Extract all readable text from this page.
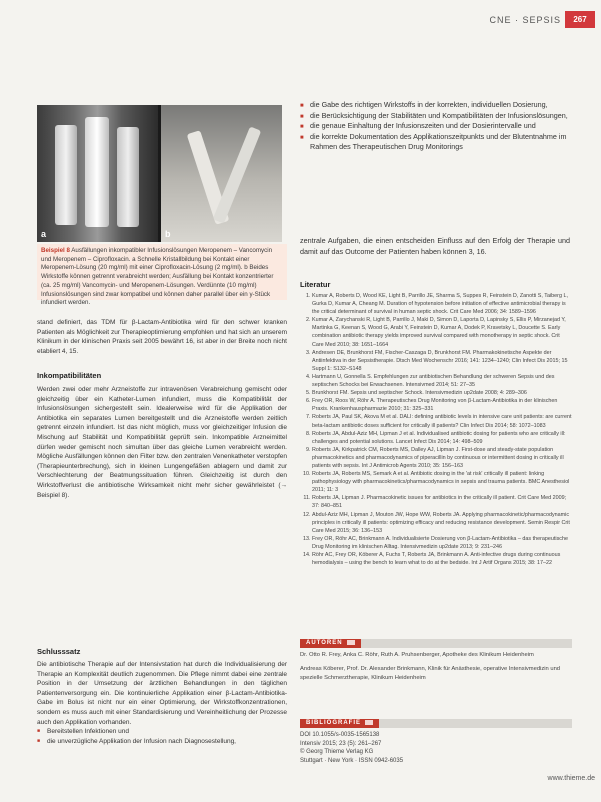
CNE · SEPSIS	267
a	b
Beispiel 8 Ausfällungen inkompatibler Infusionslösungen Meropenem – Vancomycin und Meropenem – Ciprofloxacin. a Schnelle Kristallbildung bei Kontakt einer Meropenem-Lösung (20 mg/ml) mit einer Ciprofloxacin-Lösung (2 mg/ml). b Beides Wirkstoffe können getrennt verabreicht werden; Ausfällung bei Kontakt konzentrierter (ca. 25 mg/ml) Vancomycin- und Meropenem-Lösungen. Verdünnte (10 mg/ml) Infusionslösungen sind zwar kompatibel und können daher parallel über ein y-Stück infundiert werden.
stand definiert, das TDM für β-Lactam-Antibiotika wird für den schwer kranken Patienten als Möglichkeit zur Therapieoptimierung empfohlen und hat sich an unserem Klinikum in der klinischen Praxis seit 2005 bewährt 16, ist aber in der Breite noch nicht etabliert 4, 15.
Inkompatibilitäten
Werden zwei oder mehr Arzneistoffe zur intravenösen Verabreichung gemischt oder gleichzeitig über ein Katheter-Lumen infundiert, muss die Kompatibilität der Infusionslösungen sichergestellt sein. Idealerweise wird für die Applikation der Antibiotika ein separates Lumen bereitgestellt und die Arzneistoffe werden zeitlich getrennt einzeln infundiert. Ist das nicht möglich, muss vor gleichzeitiger Infusion die Mischung auf Stabilität und Kompatibilität geprüft sein. Inkompatible Arzneimittel dürfen weder gemischt noch simultan über das gleiche Lumen verabreicht werden. Mögliche Ausfällungen können den Filter bzw. den zentralen Venenkatheter verstopfen (Therapieunterbrechung), sich in kleinen Lungengefäßen ablagern und damit zur Verschlechterung der Beatmungssituation führen. Gleichzeitig ist durch den Wirkstoffverlust die antibiotische Wirksamkeit nicht mehr sicher gewährleistet (→ Beispiel 8).
Schlusssatz
Die antibiotische Therapie auf der Intensivstation hat durch die Individualisierung der Therapie an Komplexität deutlich zugenommen. Die Pflege nimmt dabei eine zentrale Position in der Umsetzung der ärztlichen Behandlungen in den täglichen Patientenversorgung ein. Die kontinuierliche Applikation einer β-Lactam-Antibiotika-Gabe im Bolus ist nicht nur ein einer Optimierung, der Wirkstoffkonzentrationen, sondern es muss auch mit einer Standardisierung und Vereinheitlichung der Prozesse auch den Applikation vorhanden.
■ Bereitstellen Infektionen und
■ die unverzügliche Applikation der Infusion nach Diagnosestellung,
■ die Gabe des richtigen Wirkstoffs in der korrekten, individuellen Dosierung,
■ die Berücksichtigung der Stabilitäten und Kompatibilitäten der Infusionslösungen,
■ die genaue Einhaltung der Infusionszeiten und der Dosierintervalle und
■ die korrekte Dokumentation des Applikationszeitpunkts und der Blutentnahme im Rahmen des Therapeutischen Drug Monitorings
zentrale Aufgaben, die einen entscheiden Einfluss auf den Erfolg der Therapie und damit auf das Outcome der Patienten haben können 3, 16.
Literatur
1. Kumar A, Roberts D, Wood KE, Light B, Parrillo JE, Sharma S, Suppes R, Feinstein D, Zanotti S, Taiberg L, Gurka D, Kumar A, Cheang M. Duration of hypotension before initiation of effective antimicrobial therapy is the critical determinant of survival in human septic shock. Crit Care Med 2006; 34: 1589–1596
2. Kumar A, Zarychanski R, Light B, Parrillo J, Maki D, Simon D, Laporta D, Lapinsky S, Ellis P, Mirzanejad Y, Martinka G, Keenan S, Wood G, Arabi Y, Feinstein D, Kumar A, Dodek P, Kravetsky L, Doucette S. Early combination antibiotic therapy yields improved survival compared with monotherapy in septic shock. Crit Care Med 2010; 38: 1651–1664
3. Andresen DE, Brunkhorst FM, Fischer-Caszaga D, Brunkhorst FM. Pharmakokinetische Aspekte der Antiinfektiva in der Sepsistherapie. Dtsch Med Wochenschr 2016; 141: 1234–1240; Clin Infect Dis 2015; 15 Suppl 1: S132–S148
4. Hartmann U, Gonnella S. Empfehlungen zur antibiotischen Behandlung der schweren Sepsis und des septischen Schocks bei Erwachsenen. Intensivmed 2014; 51: 27–35
5. Brunkhorst FM. Sepsis und septischer Schock. Intensivmedizin up2date 2008; 4: 289–306
6. Frey OR, Roos W, Röhr A. Therapeutisches Drug Monitoring von β-Lactam-Antibiotika in der klinischen Praxis. Krankenhauspharmazie 2010; 31: 325–331
7. Roberts JA, Paul SK, Akova M et al. DALI: defining antibiotic levels in intensive care unit patients: are current beta-lactam antibiotic doses sufficient for critically ill patients? Clin Infect Dis 2014; 58: 1072–1083
8. Roberts JA, Abdul-Aziz MH, Lipman J et al. Individualised antibiotic dosing for patients who are critically ill: challenges and potential solutions. Lancet Infect Dis 2014; 14: 498–509
9. Roberts JA, Kirkpatrick CM, Roberts MS, Dalley AJ, Lipman J. First-dose and steady-state population pharmacokinetics and pharmacodynamics of piperacillin by continuous or intermittent dosing in critically ill patients with sepsis. Int J Antimicrob Agents 2010; 35: 156–163
10. Roberts JA, Roberts MS, Semark A et al. Antibiotic dosing in the 'at risk' critically ill patient: linking pathophysiology with pharmacokinetics/pharmacodynamics in sepsis and trauma patients. BMC Anesthesiol 2011; 11: 3
11. Roberts JA, Lipman J. Pharmacokinetic issues for antibiotics in the critically ill patient. Crit Care Med 2009; 37: 840–851
12. Abdul-Aziz MH, Lipman J, Mouton JW, Hope WW, Roberts JA. Applying pharmacokinetic/pharmacodynamic principles in critically ill patients: optimizing efficacy and reducing resistance development. Semin Respir Crit Care Med 2015; 36: 136–153
13. Frey OR, Röhr AC, Brinkmann A. Individualisierte Dosierung von β-Lactam-Antibiotika – das therapeutische Drug Monitoring im klinischen Alltag. Intensivmedizin up2date 2013; 9: 231–246
14. Röhr AC, Frey OR, Köberer A, Fuchs T, Roberts JA, Brinkmann A. Anti-infective drugs during continuous hemodialysis – using the bench to learn what to do at the bedside. Int J Artif Organs 2015; 38: 17–22
AUTOREN
Dr. Otto R. Frey, Anka C. Röhr, Ruth A. Pruhsenberger, Apotheke des Klinikum Heidenheim
Andreas Köberer, Prof. Dr. Alexander Brinkmann, Klinik für Anästhesie, operative Intensivmedizin und spezielle Schmerztherapie, Klinikum Heidenheim
BIBLIOGRAFIE
DOI 10.1055/s-0035-1565138
Intensiv 2015; 23 (5): 261–267
© Georg Thieme Verlag KG
Stuttgart · New York · ISSN 0942-6035
www.thieme.de
